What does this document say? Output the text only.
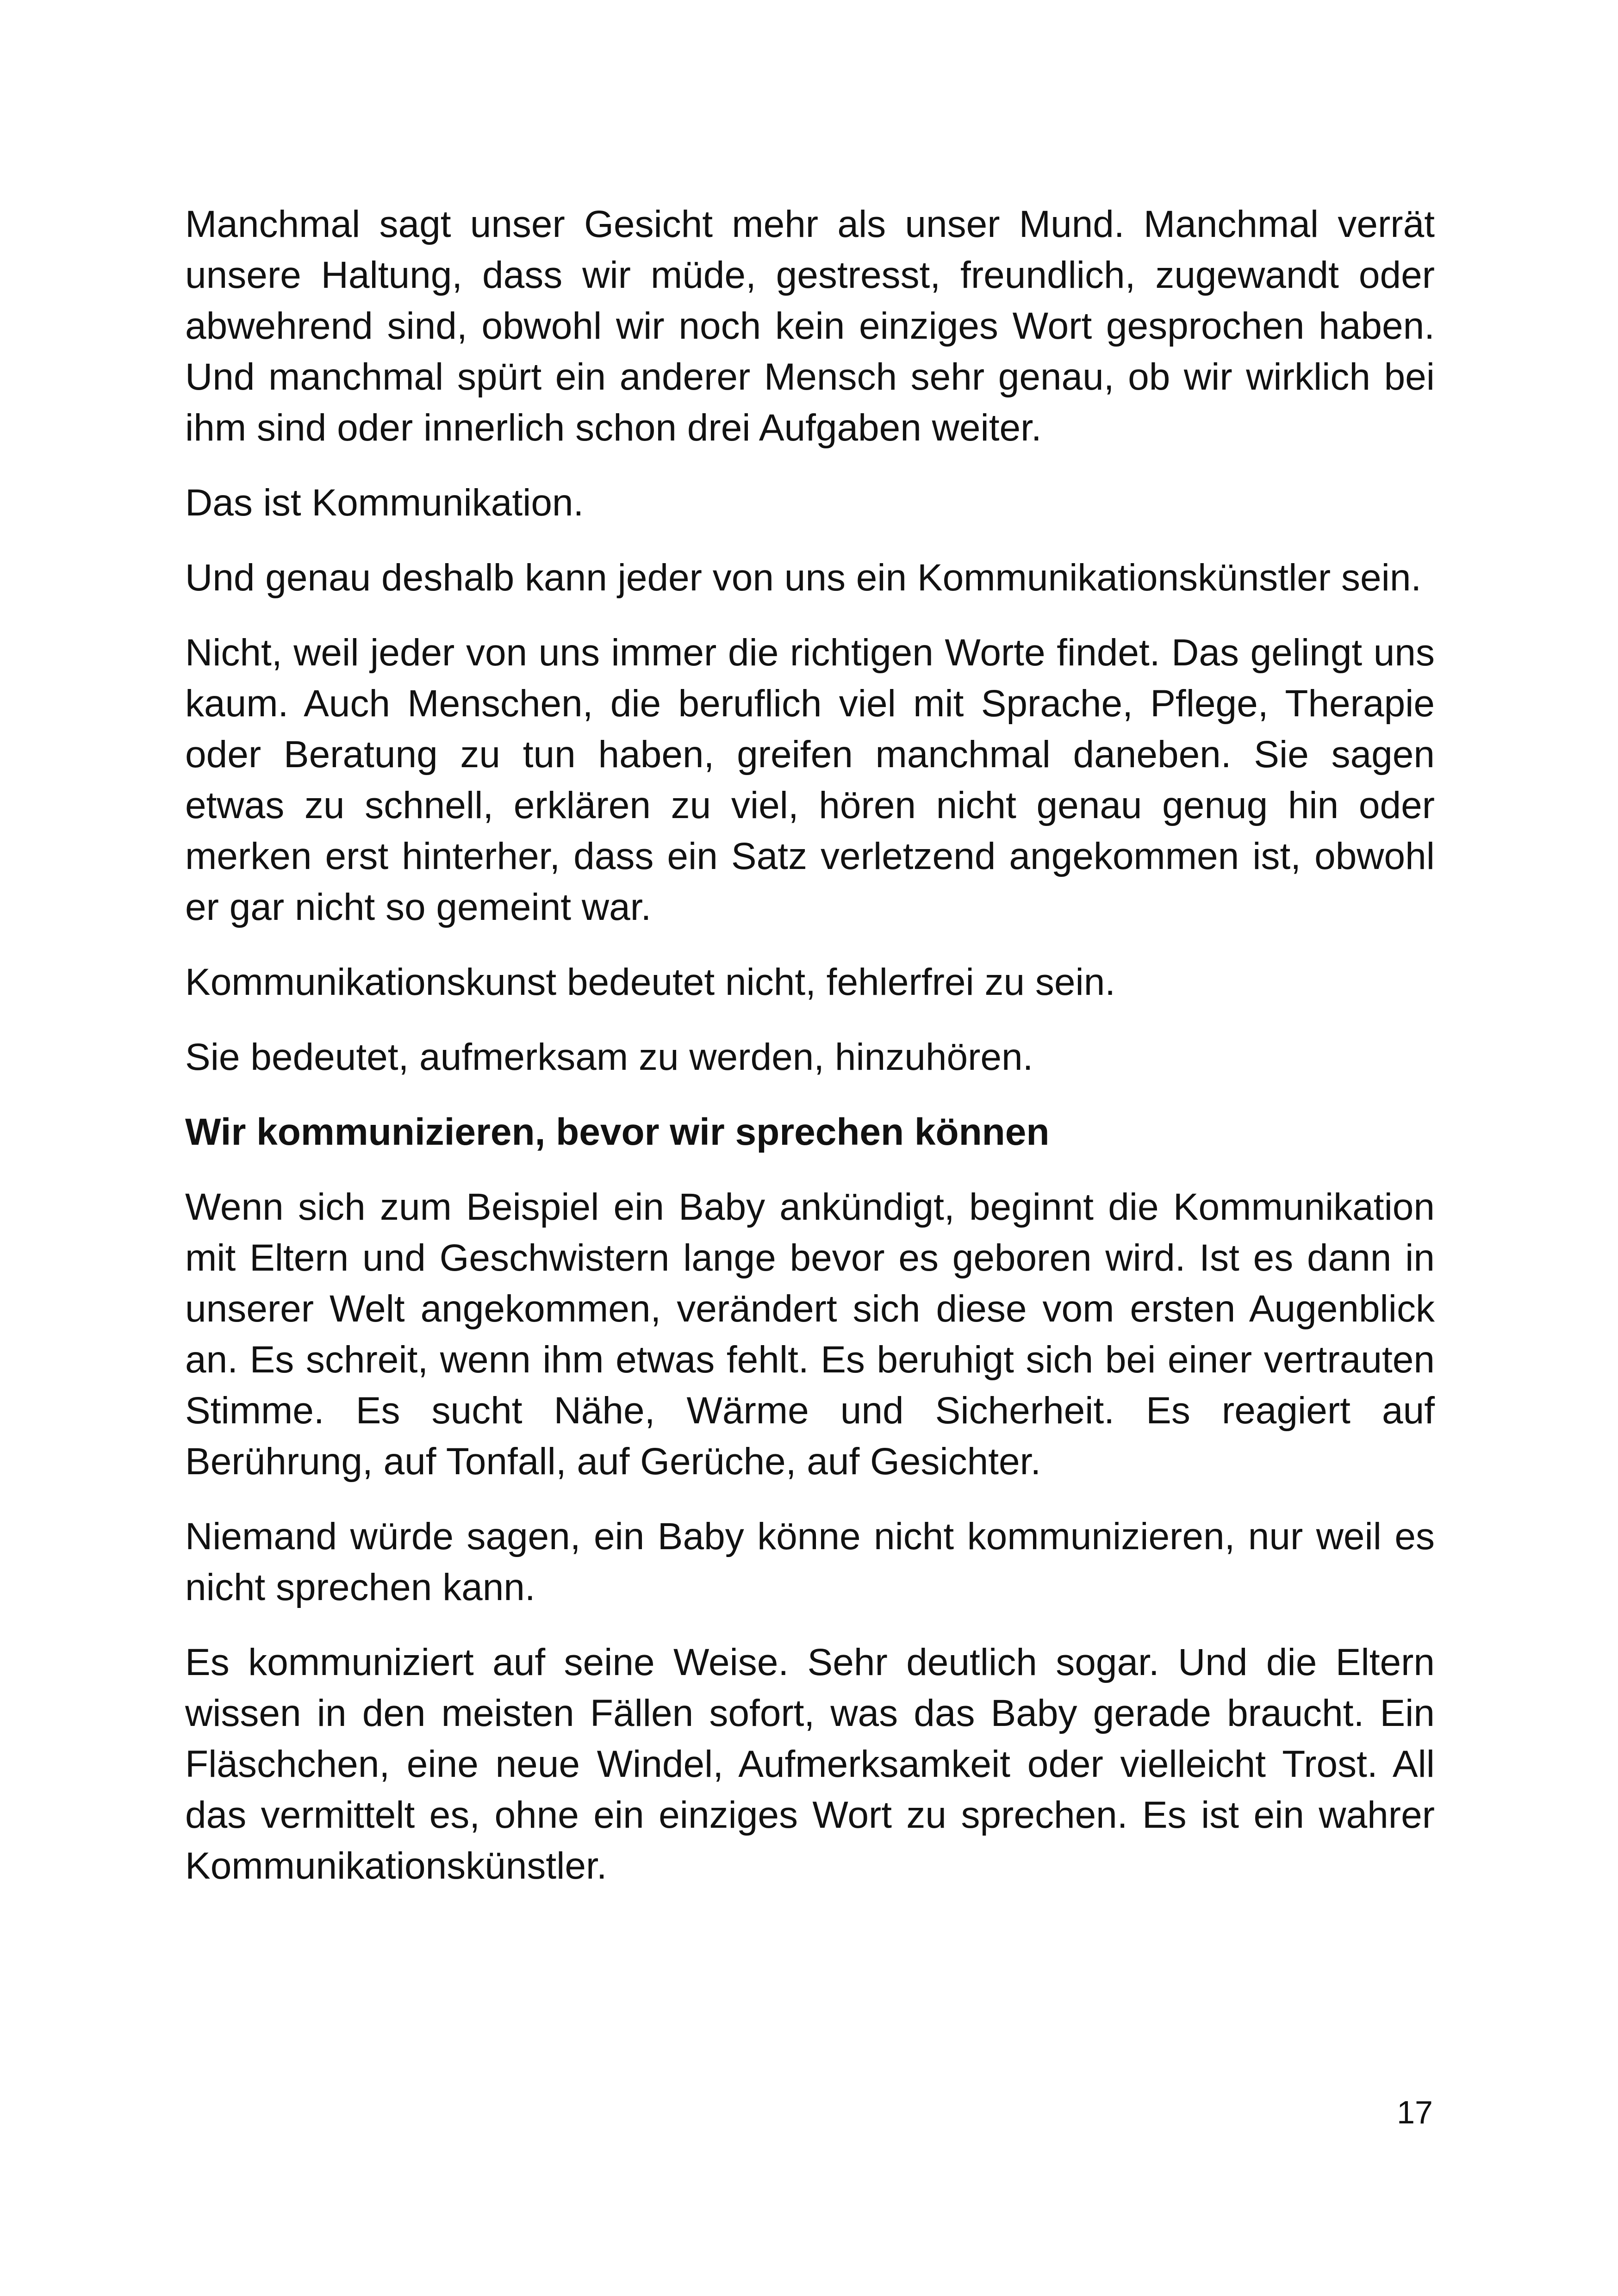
Manchmal sagt unser Gesicht mehr als unser Mund. Manchmal verrät unsere Haltung, dass wir müde, gestresst, freundlich, zugewandt oder abwehrend sind, obwohl wir noch kein einziges Wort gesprochen haben. Und manchmal spürt ein anderer Mensch sehr genau, ob wir wirklich bei ihm sind oder innerlich schon drei Aufgaben weiter.

Das ist Kommunikation.

Und genau deshalb kann jeder von uns ein Kommunikationskünstler sein.

Nicht, weil jeder von uns immer die richtigen Worte findet. Das gelingt uns kaum. Auch Menschen, die beruflich viel mit Sprache, Pflege, Therapie oder Beratung zu tun haben, greifen manchmal daneben. Sie sagen etwas zu schnell, erklären zu viel, hören nicht genau genug hin oder merken erst hinterher, dass ein Satz verletzend angekommen ist, obwohl er gar nicht so gemeint war.

Kommunikationskunst bedeutet nicht, fehlerfrei zu sein.

Sie bedeutet, aufmerksam zu werden, hinzuhören.

Wir kommunizieren, bevor wir sprechen können

Wenn sich zum Beispiel ein Baby ankündigt, beginnt die Kommunikation mit Eltern und Geschwistern lange bevor es geboren wird. Ist es dann in unserer Welt angekommen, verändert sich diese vom ersten Augenblick an. Es schreit, wenn ihm etwas fehlt. Es beruhigt sich bei einer vertrauten Stimme. Es sucht Nähe, Wärme und Sicherheit. Es reagiert auf Berührung, auf Tonfall, auf Gerüche, auf Gesichter.

Niemand würde sagen, ein Baby könne nicht kommunizieren, nur weil es nicht sprechen kann.

Es kommuniziert auf seine Weise. Sehr deutlich sogar. Und die Eltern wissen in den meisten Fällen sofort, was das Baby gerade braucht. Ein Fläschchen, eine neue Windel, Aufmerksamkeit oder vielleicht Trost. All das vermittelt es, ohne ein einziges Wort zu sprechen. Es ist ein wahrer Kommunikationskünstler.

17
